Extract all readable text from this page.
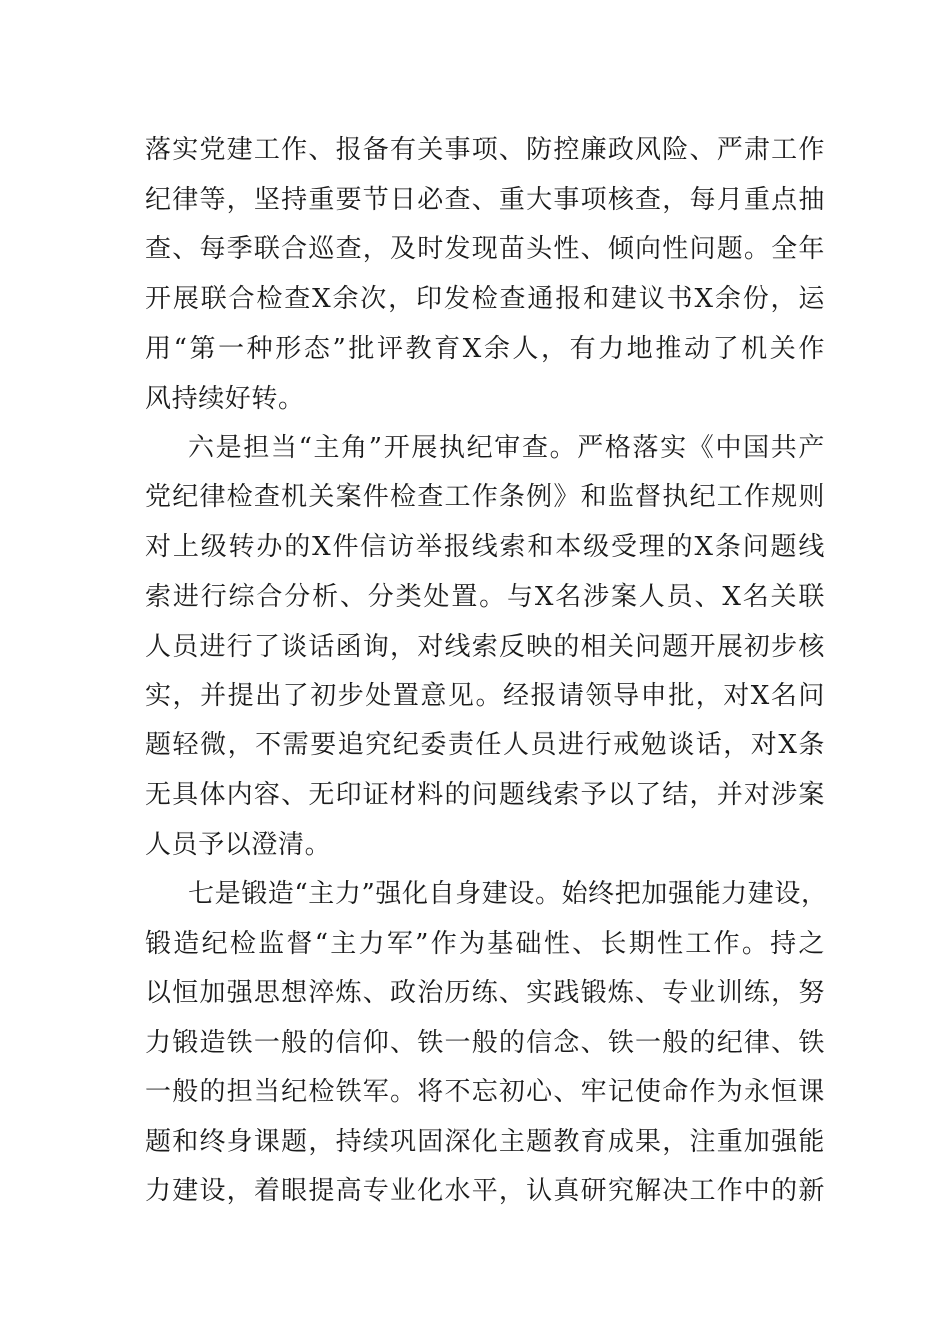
落实党建工作、报备有关事项、防控廉政风险、严肃工作
纪律等，坚持重要节日必查、重大事项核查，每月重点抽
查、每季联合巡查，及时发现苗头性、倾向性问题。全年
开展联合检查X余次，印发检查通报和建议书X余份，运
用“第一种形态”批评教育X余人，有力地推动了机关作
风持续好转。
六是担当“主角”开展执纪审查。严格落实《中国共产
党纪律检查机关案件检查工作条例》和监督执纪工作规则
对上级转办的X件信访举报线索和本级受理的X条问题线
索进行综合分析、分类处置。与X名涉案人员、X名关联
人员进行了谈话函询，对线索反映的相关问题开展初步核
实，并提出了初步处置意见。经报请领导申批，对X名问
题轻微，不需要追究纪委责任人员进行戒勉谈话，对X条
无具体内容、无印证材料的问题线索予以了结，并对涉案
人员予以澄清。
七是锻造“主力”强化自身建设。始终把加强能力建设，
锻造纪检监督“主力军”作为基础性、长期性工作。持之
以恒加强思想淬炼、政治历练、实践锻炼、专业训练，努
力锻造铁一般的信仰、铁一般的信念、铁一般的纪律、铁
一般的担当纪检铁军。将不忘初心、牢记使命作为永恒课
题和终身课题，持续巩固深化主题教育成果，注重加强能
力建设，着眼提高专业化水平，认真研究解决工作中的新
